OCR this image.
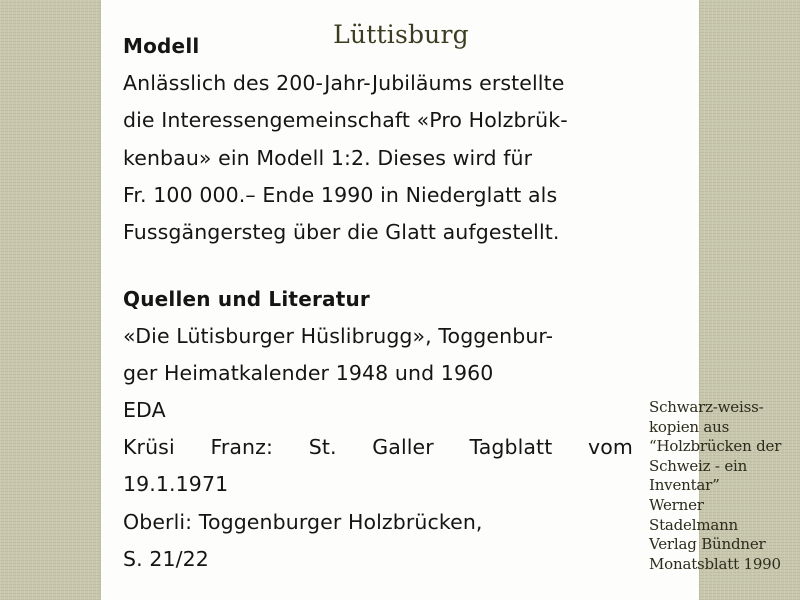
Lüttisburg
Modell
Anlässlich des 200-Jahr-Jubiläums erstellte
die Interessengemeinschaft «Pro Holzbrük-
kenbau» ein Modell 1:2. Dieses wird für
Fr. 100 000.– Ende 1990 in Niederglatt als
Fussgängersteg über die Glatt aufgestellt.
Quellen und Literatur
«Die Lütisburger Hüslibrugg», Toggenbur-
ger Heimatkalender 1948 und 1960
EDA
Krüsi Franz: St. Galler Tagblatt vom
19.1.1971
Oberli: Toggenburger Holzbrücken,
S. 21/22
Schwarz-weiss-
kopien aus
“Holzbrücken der
Schweiz - ein
Inventar”
Werner
Stadelmann
Verlag Bündner
Monatsblatt 1990
